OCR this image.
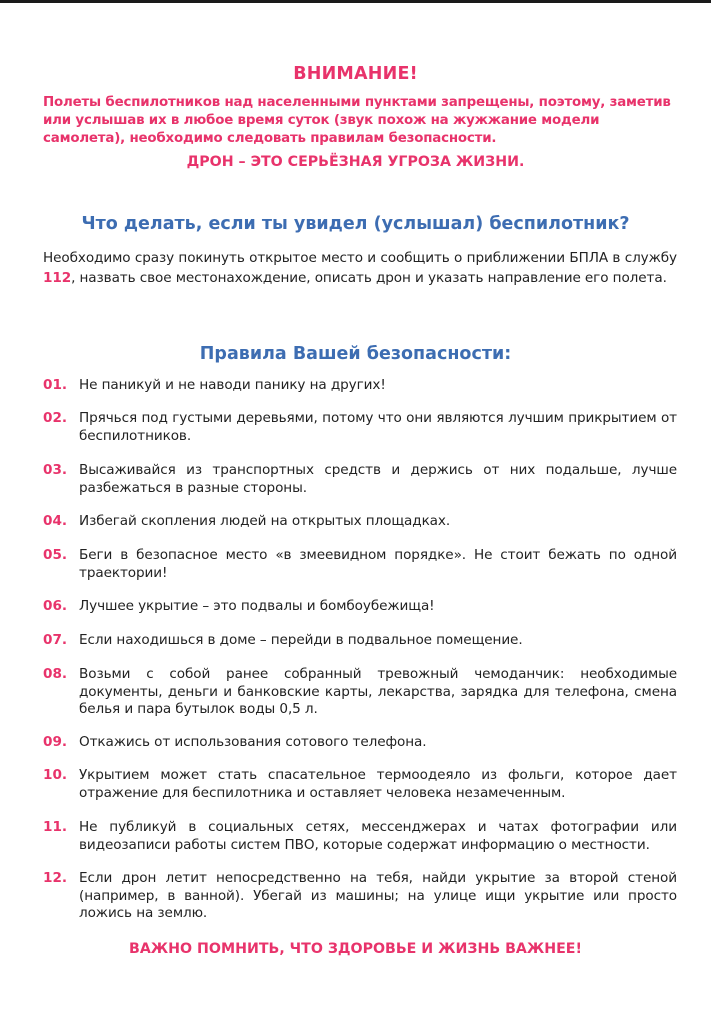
ВНИМАНИЕ!
Полеты беспилотников над населенными пунктами запрещены, поэтому, заметив или услышав их в любое время суток (звук похож на жужжание модели самолета), необходимо следовать правилам безопасности.
ДРОН – ЭТО СЕРЬЁЗНАЯ УГРОЗА ЖИЗНИ.
Что делать, если ты увидел (услышал) беспилотник?
Необходимо сразу покинуть открытое место и сообщить о приближении БПЛА в службу 112, назвать свое местонахождение, описать дрон и указать направление его полета.
Правила Вашей безопасности:
01. Не паникуй и не наводи панику на других!
02. Прячься под густыми деревьями, потому что они являются лучшим прикрытием от беспилотников.
03. Высаживайся из транспортных средств и держись от них подальше, лучше разбежаться в разные стороны.
04. Избегай скопления людей на открытых площадках.
05. Беги в безопасное место «в змеевидном порядке». Не стоит бежать по одной траектории!
06. Лучшее укрытие – это подвалы и бомбоубежища!
07. Если находишься в доме – перейди в подвальное помещение.
08. Возьми с собой ранее собранный тревожный чемоданчик: необходимые документы, деньги и банковские карты, лекарства, зарядка для телефона, смена белья и пара бутылок воды 0,5 л.
09. Откажись от использования сотового телефона.
10. Укрытием может стать спасательное термоодеяло из фольги, которое дает отражение для беспилотника и оставляет человека незамеченным.
11. Не публикуй в социальных сетях, мессенджерах и чатах фотографии или видеозаписи работы систем ПВО, которые содержат информацию о местности.
12. Если дрон летит непосредственно на тебя, найди укрытие за второй стеной (например, в ванной). Убегай из машины; на улице ищи укрытие или просто ложись на землю.
ВАЖНО ПОМНИТЬ, ЧТО ЗДОРОВЬЕ И ЖИЗНЬ ВАЖНЕЕ!
